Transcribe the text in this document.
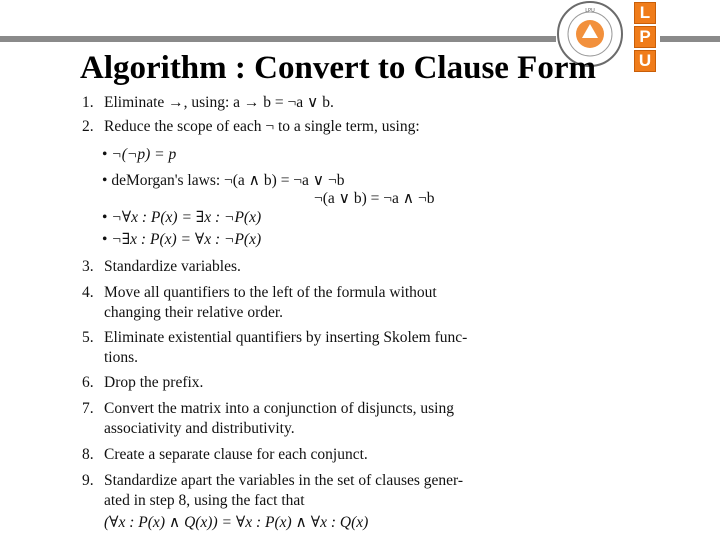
LPU	L
P
U
Algorithm : Convert to Clause Form
1. Eliminate →, using: a → b = ¬a ∨ b.
2. Reduce the scope of each ¬ to a single term, using:
• ¬(¬p) = p
• deMorgan's laws: ¬(a ∧ b) = ¬a ∨ ¬b
¬(a ∨ b) = ¬a ∧ ¬b
• ¬∀x : P(x) = ∃x : ¬P(x)
• ¬∃x : P(x) = ∀x : ¬P(x)
3. Standardize variables.
4. Move all quantifiers to the left of the formula without
changing their relative order.
5. Eliminate existential quantifiers by inserting Skolem func-
tions.
6. Drop the prefix.
7. Convert the matrix into a conjunction of disjuncts, using
associativity and distributivity.
8. Create a separate clause for each conjunct.
9. Standardize apart the variables in the set of clauses gener-
ated in step 8, using the fact that
(∀x : P(x) ∧ Q(x)) = ∀x : P(x) ∧ ∀x : Q(x)
